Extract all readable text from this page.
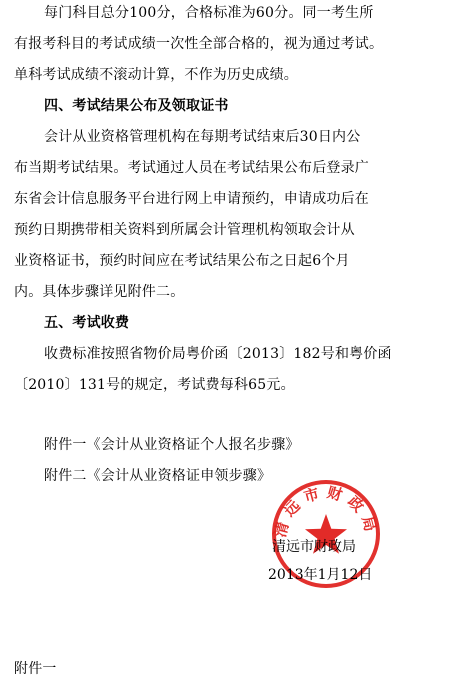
每门科目总分100分，合格标准为60分。同一考生所
有报考科目的考试成绩一次性全部合格的，视为通过考试。
单科考试成绩不滚动计算，不作为历史成绩。
四、考试结果公布及领取证书
会计从业资格管理机构在每期考试结束后30日内公
布当期考试结果。考试通过人员在考试结果公布后登录广
东省会计信息服务平台进行网上申请预约，申请成功后在
预约日期携带相关资料到所属会计管理机构领取会计从
业资格证书，预约时间应在考试结果公布之日起6个月
内。具体步骤详见附件二。
五、考试收费
收费标准按照省物价局粤价函〔2013〕182号和粤价函
〔2010〕131号的规定，考试费每科65元。
附件一《会计从业资格证个人报名步骤》
附件二《会计从业资格证申领步骤》
清远市财政局
清远市财政局
2013年1月12日
附件一
